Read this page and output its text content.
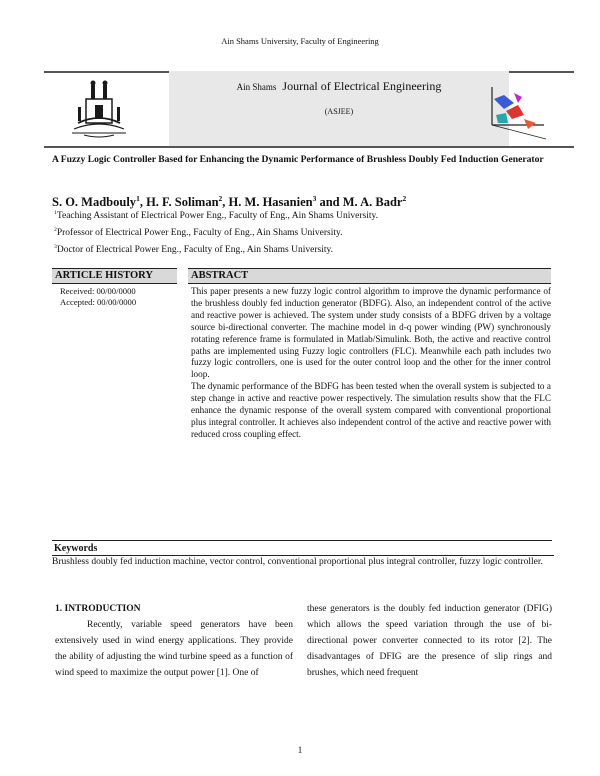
Ain Shams University, Faculty of Engineering
Ain Shams Journal of Electrical Engineering
(ASJEE)
A Fuzzy Logic Controller Based for Enhancing the Dynamic Performance of Brushless Doubly Fed Induction Generator
S. O. Madbouly$^1$, H. F. Soliman$^2$, H. M. Hasanien$^3$ and M. A. Badr$^2$
$^1$Teaching Assistant of Electrical Power Eng., Faculty of Eng., Ain Shams University.
$^2$Professor of Electrical Power Eng., Faculty of Eng., Ain Shams University.
$^3$Doctor of Electrical Power Eng., Faculty of Eng., Ain Shams University.
ARTICLE HISTORY
Received: 00/00/0000
Accepted: 00/00/0000
ABSTRACT

This paper presents a new fuzzy logic control algorithm to improve the dynamic performance of the brushless doubly fed induction generator (BDFG). Also, an independent control of the active and reactive power is achieved. The system under study consists of a BDFG driven by a voltage source bi-directional converter. The machine model in d-q power winding (PW) synchronously rotating reference frame is formulated in Matlab/Simulink. Both, the active and reactive control paths are implemented using Fuzzy logic controllers (FLC). Meanwhile each path includes two fuzzy logic controllers, one is used for the outer control loop and the other for the inner control loop.

The dynamic performance of the BDFG has been tested when the overall system is subjected to a step change in active and reactive power respectively. The simulation results show that the FLC enhance the dynamic response of the overall system compared with conventional proportional plus integral controller. It achieves also independent control of the active and reactive power with reduced cross coupling effect.

Keywords
Brushless doubly fed induction machine, vector control, conventional proportional plus integral controller, fuzzy logic controller.

1. INTRODUCTION

Recently, variable speed generators have been extensively used in wind energy applications. They provide the ability of adjusting the wind turbine speed as a function of wind speed to maximize the output power [1]. One of

these generators is the doubly fed induction generator (DFIG) which allows the speed variation through the use of bi-directional power converter connected to its rotor [2]. The disadvantages of DFIG are the presence of slip rings and brushes, which need frequent

1
